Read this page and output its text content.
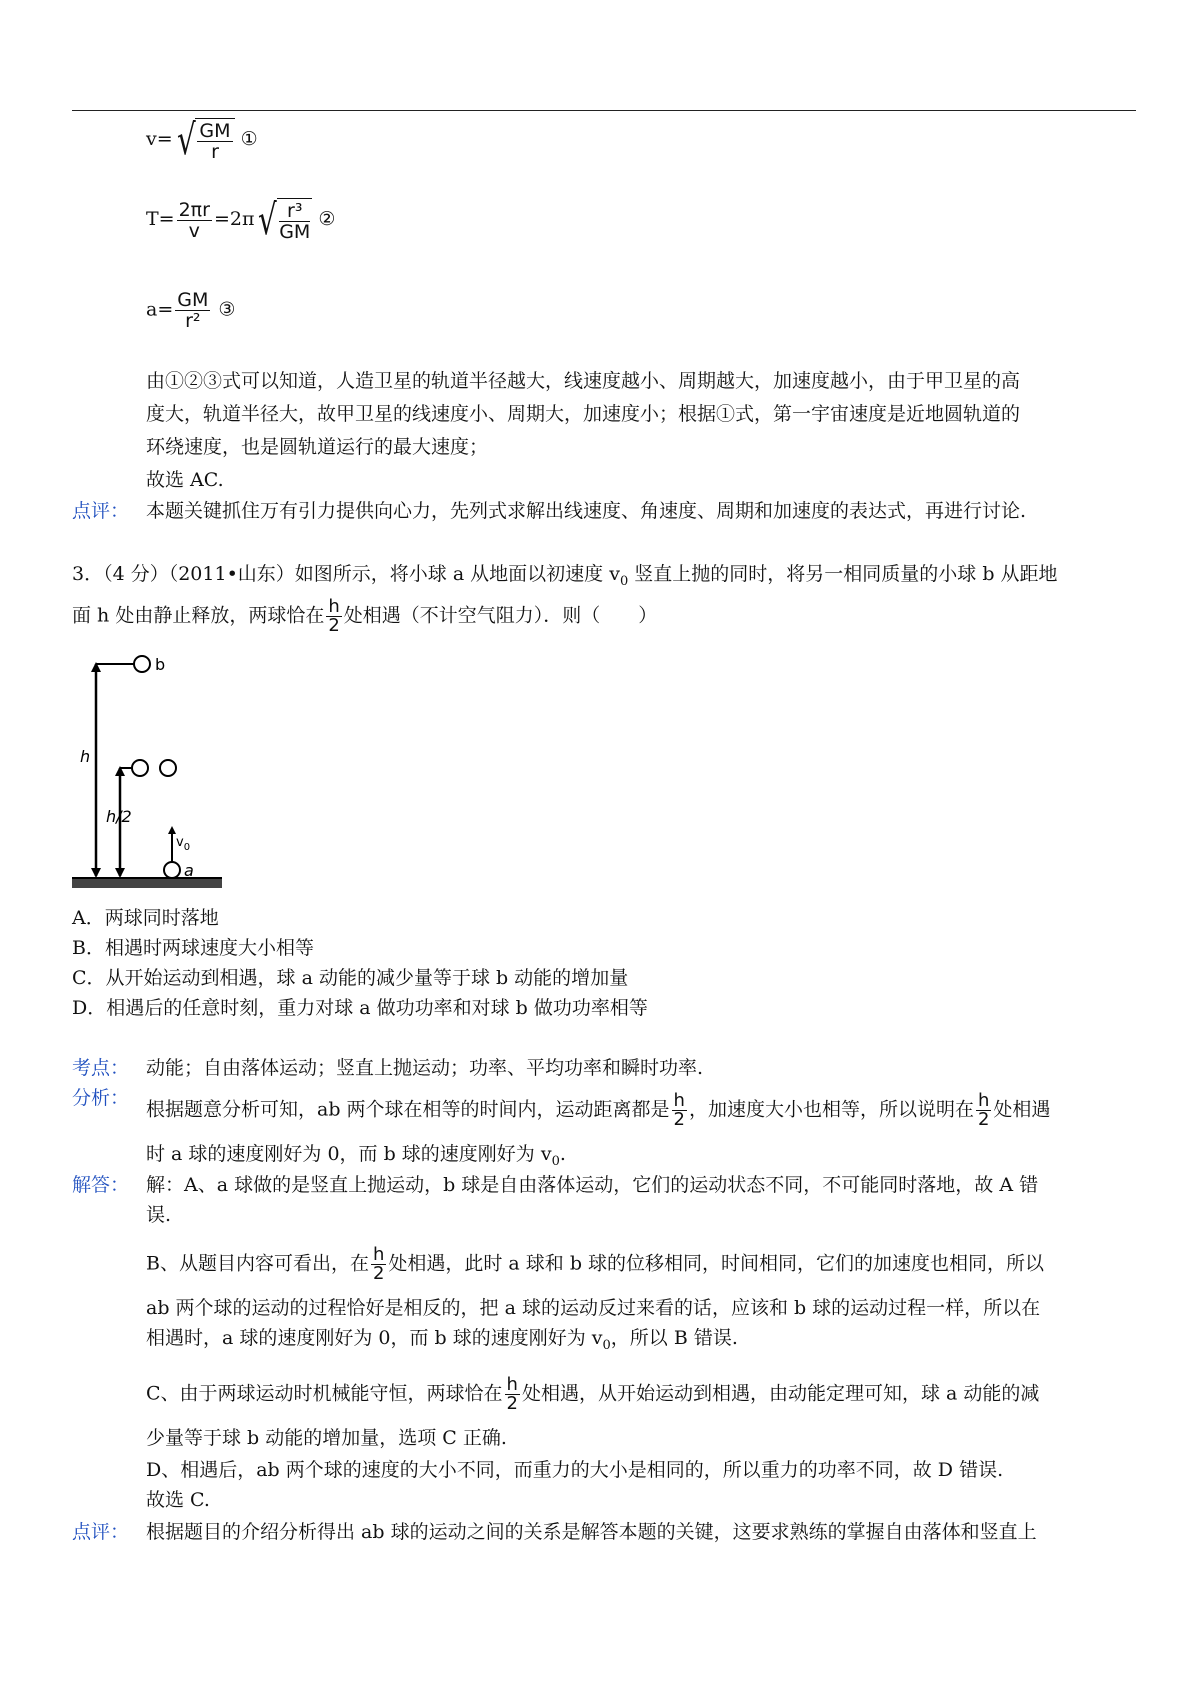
$v=√ \frac{GM}{r}$ ①
$T= \frac{2\pi r}{v} =2\pi√ \frac{\text{r³}}{GM}$ ②
$a= \frac{GM}{\text{r²}}$ ③
由①②③式可以知道，人造卫星的轨道半径越大，线速度越小、周期越大，加速度越小，由于甲卫星的高
度大，轨道半径大，故甲卫星的线速度小、周期大，加速度小；根据①式，第一宇宙速度是近地圆轨道的
环绕速度，也是圆轨道运行的最大速度；
故选 AC.
点评： 本题关键抓住万有引力提供向心力，先列式求解出线速度、角速度、周期和加速度的表达式，再进行讨论.
3．（4 分）（2011•山东）如图所示，将小球 a 从地面以初速度 $v_0$ 竖直上抛的同时，将另一相同质量的小球 b 从距地
面 h 处由静止释放，两球恰在 $\frac{h}{2}$ 处相遇（不计空气阻力）．则（　　）
b
h
h/2
$v_0$
a
A．两球同时落地
B．相遇时两球速度大小相等
C．从开始运动到相遇，球 a 动能的减少量等于球 b 动能的增加量
D．相遇后的任意时刻，重力对球 a 做功功率和对球 b 做功功率相等
考点： 动能；自由落体运动；竖直上抛运动；功率、平均功率和瞬时功率.
分析：
根据题意分析可知，ab 两个球在相等的时间内，运动距离都是 $\frac{h}{2}$ ，加速度大小也相等，所以说明在 $\frac{h}{2}$ 处相遇
时 a 球的速度刚好为 0，而 b 球的速度刚好为 $v_0$.
解答： 解：A、a 球做的是竖直上抛运动，b 球是自由落体运动，它们的运动状态不同，不可能同时落地，故 A 错
误.
B、从题目内容可看出，在 $\frac{h}{2}$ 处相遇，此时 a 球和 b 球的位移相同，时间相同，它们的加速度也相同，所以
ab 两个球的运动的过程恰好是相反的，把 a 球的运动反过来看的话，应该和 b 球的运动过程一样，所以在
相遇时，a 球的速度刚好为 0，而 b 球的速度刚好为 $v_0$，所以 B 错误.
C、由于两球运动时机械能守恒，两球恰在 $\frac{h}{2}$ 处相遇，从开始运动到相遇，由动能定理可知，球 a 动能的减
少量等于球 b 动能的增加量，选项 C 正确.
D、相遇后，ab 两个球的速度的大小不同，而重力的大小是相同的，所以重力的功率不同，故 D 错误.
故选 C.
点评： 根据题目的介绍分析得出 ab 球的运动之间的关系是解答本题的关键，这要求熟练的掌握自由落体和竖直上
